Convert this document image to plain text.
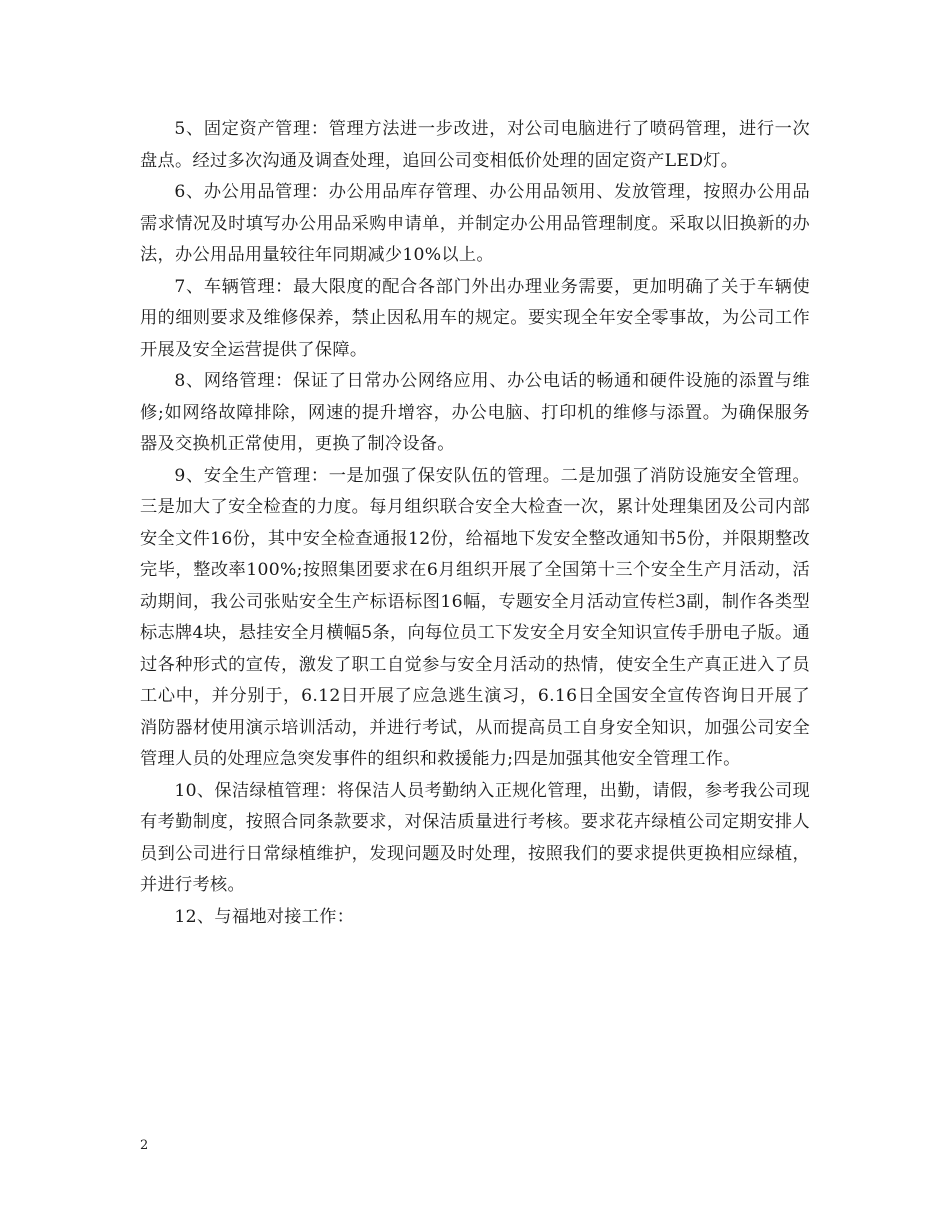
5、固定资产管理：管理方法进一步改进，对公司电脑进行了喷码管理，进行一次盘点。经过多次沟通及调查处理，追回公司变相低价处理的固定资产LED灯。

6、办公用品管理：办公用品库存管理、办公用品领用、发放管理，按照办公用品需求情况及时填写办公用品采购申请单，并制定办公用品管理制度。采取以旧换新的办法，办公用品用量较往年同期减少10%以上。

7、车辆管理：最大限度的配合各部门外出办理业务需要，更加明确了关于车辆使用的细则要求及维修保养，禁止因私用车的规定。要实现全年安全零事故，为公司工作开展及安全运营提供了保障。

8、网络管理：保证了日常办公网络应用、办公电话的畅通和硬件设施的添置与维修;如网络故障排除，网速的提升增容，办公电脑、打印机的维修与添置。为确保服务器及交换机正常使用，更换了制冷设备。

9、安全生产管理：一是加强了保安队伍的管理。二是加强了消防设施安全管理。三是加大了安全检查的力度。每月组织联合安全大检查一次，累计处理集团及公司内部安全文件16份，其中安全检查通报12份，给福地下发安全整改通知书5份，并限期整改完毕，整改率100%;按照集团要求在6月组织开展了全国第十三个安全生产月活动，活动期间，我公司张贴安全生产标语标图16幅，专题安全月活动宣传栏3副，制作各类型标志牌4块，悬挂安全月横幅5条，向每位员工下发安全月安全知识宣传手册电子版。通过各种形式的宣传，激发了职工自觉参与安全月活动的热情，使安全生产真正进入了员工心中，并分别于，6.12日开展了应急逃生演习，6.16日全国安全宣传咨询日开展了消防器材使用演示培训活动，并进行考试，从而提高员工自身安全知识，加强公司安全管理人员的处理应急突发事件的组织和救援能力;四是加强其他安全管理工作。

10、保洁绿植管理：将保洁人员考勤纳入正规化管理，出勤，请假，参考我公司现有考勤制度，按照合同条款要求，对保洁质量进行考核。要求花卉绿植公司定期安排人员到公司进行日常绿植维护，发现问题及时处理，按照我们的要求提供更换相应绿植，并进行考核。

12、与福地对接工作：

2
